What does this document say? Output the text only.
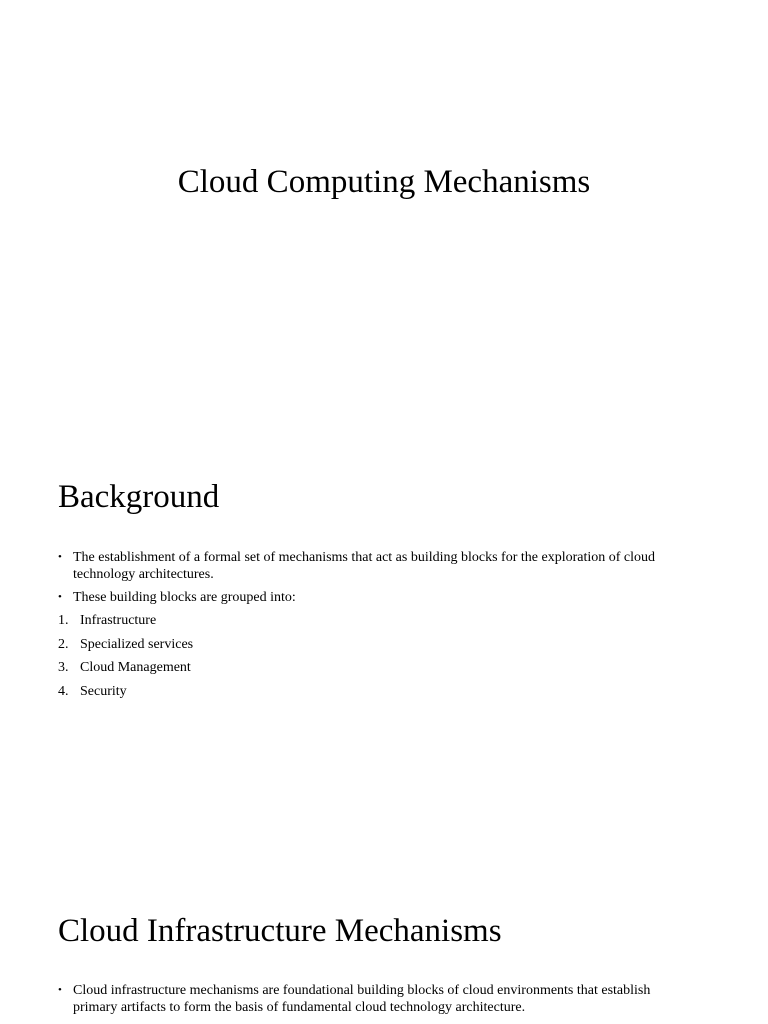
Cloud Computing Mechanisms
Background
• The establishment of a formal set of mechanisms that act as building blocks for the exploration of cloud technology architectures.
• These building blocks are grouped into:
1. Infrastructure
2. Specialized services
3. Cloud Management
4. Security
Cloud Infrastructure Mechanisms
• Cloud infrastructure mechanisms are foundational building blocks of cloud environments that establish primary artifacts to form the basis of fundamental cloud technology architecture.
